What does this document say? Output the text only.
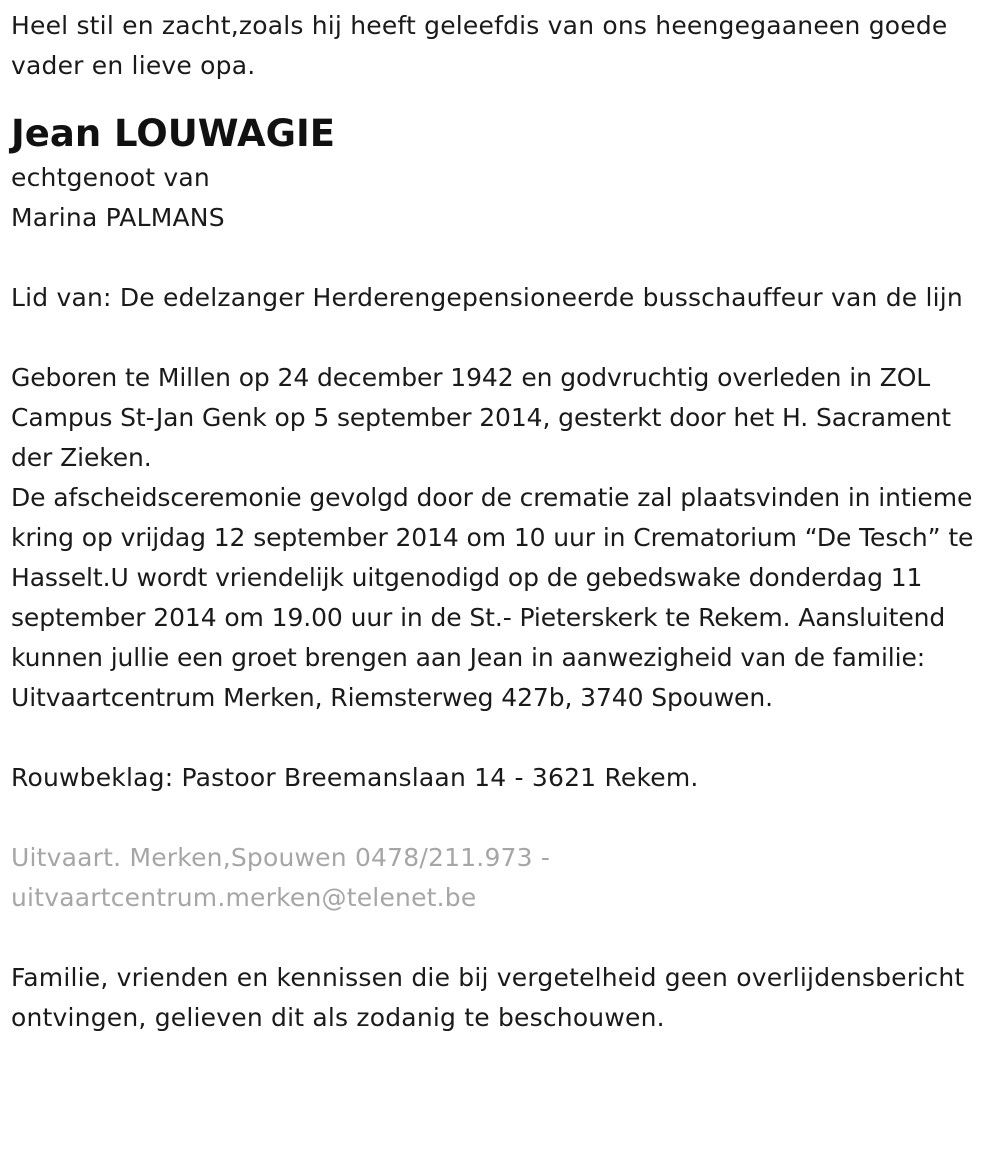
Heel stil en zacht,zoals hij heeft geleefdis van ons heengegaaneen goede vader en lieve opa.

Jean LOUWAGIE

echtgenoot van

Marina PALMANS

Lid van: De edelzanger Herderengepensioneerde busschauffeur van de lijn

Geboren te Millen op 24 december 1942 en godvruchtig overleden in ZOL Campus St-Jan Genk op 5 september 2014, gesterkt door het H. Sacrament der Zieken.

De afscheidsceremonie gevolgd door de crematie zal plaatsvinden in intieme kring op vrijdag 12 september 2014 om 10 uur in Crematorium “De Tesch” te Hasselt.U wordt vriendelijk uitgenodigd op de gebedswake donderdag 11 september 2014 om 19.00 uur in de St.- Pieterskerk te Rekem. Aansluitend kunnen jullie een groet brengen aan Jean in aanwezigheid van de familie: Uitvaartcentrum Merken, Riemsterweg 427b, 3740 Spouwen.

Rouwbeklag: Pastoor Breemanslaan 14 - 3621 Rekem.

Uitvaart. Merken,Spouwen 0478/211.973 -

uitvaartcentrum.merken@telenet.be

Familie, vrienden en kennissen die bij vergetelheid geen overlijdensbericht ontvingen, gelieven dit als zodanig te beschouwen.
